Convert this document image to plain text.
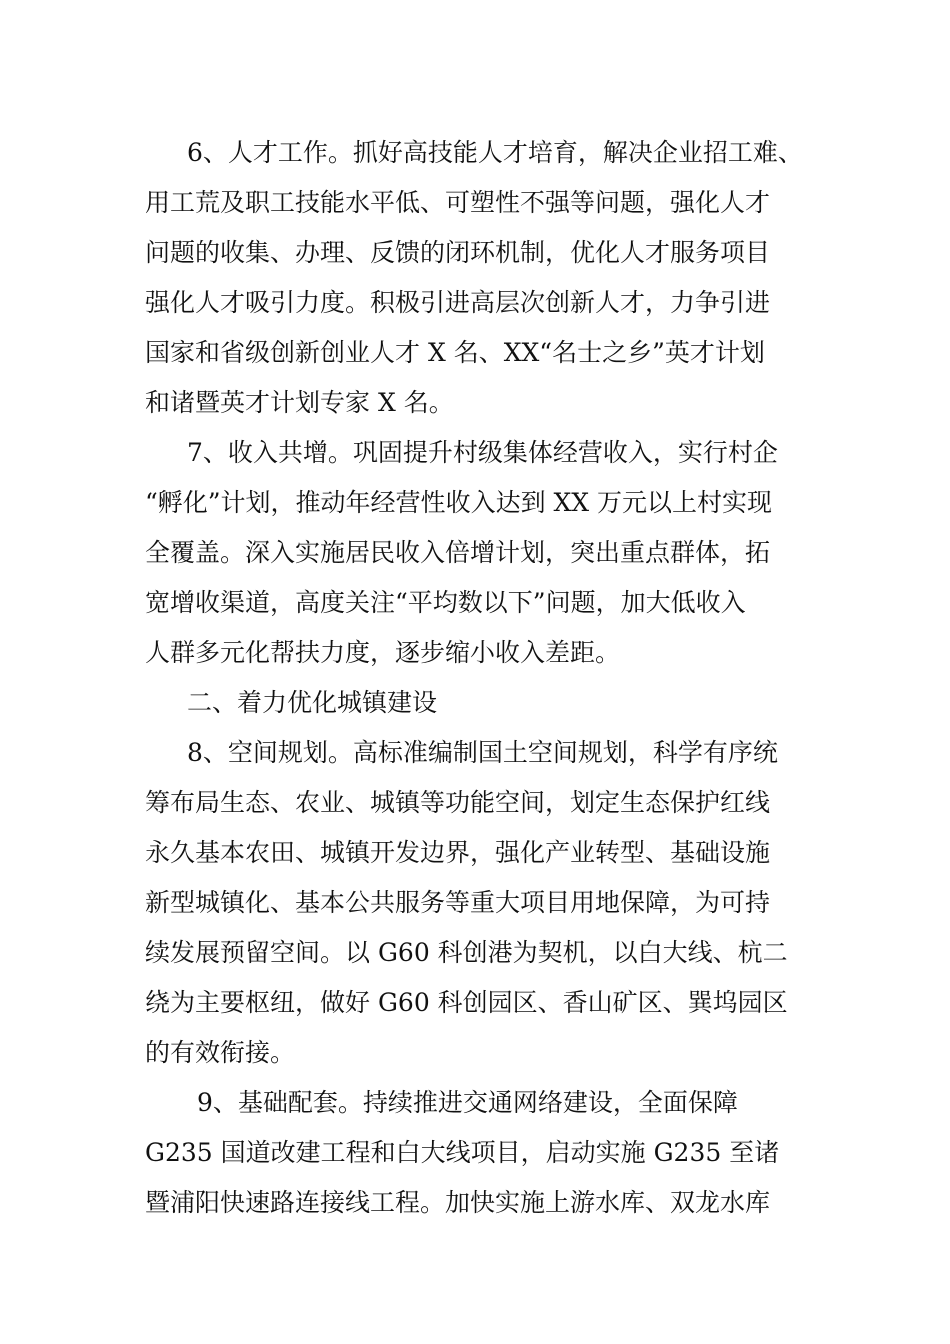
6、人才工作。抓好高技能人才培育，解决企业招工难、
用工荒及职工技能水平低、可塑性不强等问题，强化人才
问题的收集、办理、反馈的闭环机制，优化人才服务项目
强化人才吸引力度。积极引进高层次创新人才，力争引进
国家和省级创新创业人才 X 名、XX“名士之乡”英才计划
和诸暨英才计划专家 X 名。
7、收入共增。巩固提升村级集体经营收入，实行村企
“孵化”计划，推动年经营性收入达到 XX 万元以上村实现
全覆盖。深入实施居民收入倍增计划，突出重点群体，拓
宽增收渠道，高度关注“平均数以下”问题，加大低收入
人群多元化帮扶力度，逐步缩小收入差距。
二、着力优化城镇建设
8、空间规划。高标准编制国土空间规划，科学有序统
筹布局生态、农业、城镇等功能空间，划定生态保护红线
永久基本农田、城镇开发边界，强化产业转型、基础设施
新型城镇化、基本公共服务等重大项目用地保障，为可持
续发展预留空间。以 G60 科创港为契机，以白大线、杭二
绕为主要枢纽，做好 G60 科创园区、香山矿区、巽坞园区
的有效衔接。
9、基础配套。持续推进交通网络建设，全面保障
G235 国道改建工程和白大线项目，启动实施 G235 至诸
暨浦阳快速路连接线工程。加快实施上游水库、双龙水库
